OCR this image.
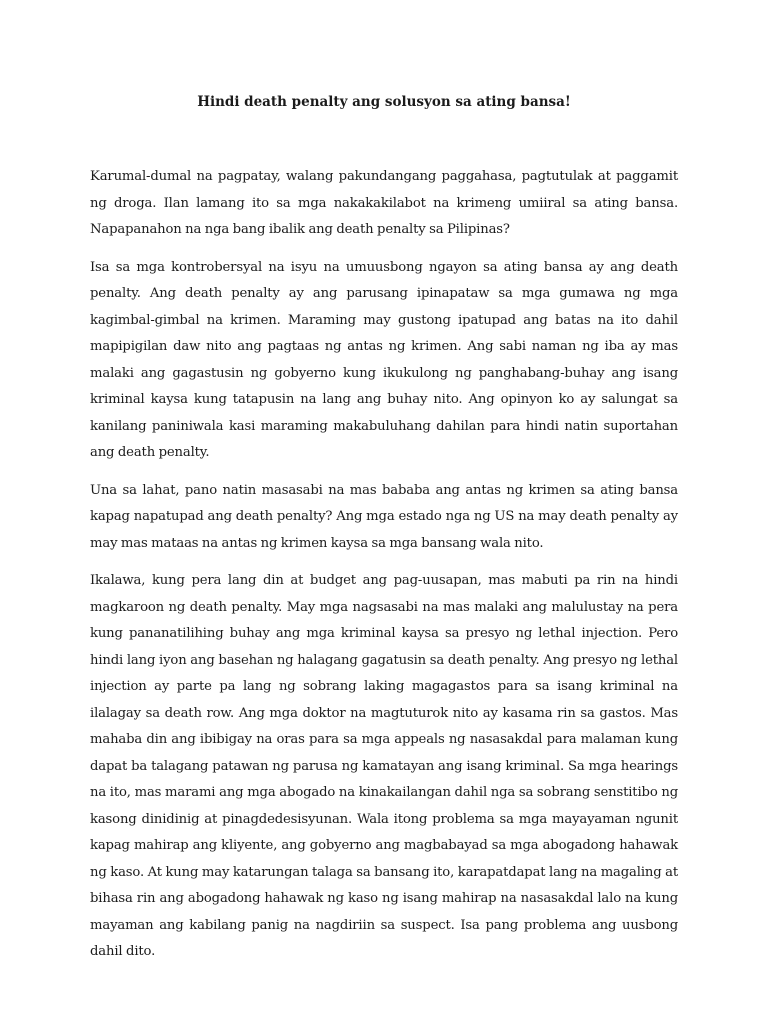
Hindi death penalty ang solusyon sa ating bansa!

Karumal-dumal na pagpatay, walang pakundangang paggahasa, pagtutulak at paggamit ng droga. Ilan lamang ito sa mga nakakakilabot na krimeng umiiral sa ating bansa. Napapanahon na nga bang ibalik ang death penalty sa Pilipinas?

Isa sa mga kontrobersyal na isyu na umuusbong ngayon sa ating bansa ay ang death penalty. Ang death penalty ay ang parusang ipinapataw sa mga gumawa ng mga kagimbal-gimbal na krimen. Maraming may gustong ipatupad ang batas na ito dahil mapipigilan daw nito ang pagtaas ng antas ng krimen. Ang sabi naman ng iba ay mas malaki ang gagastusin ng gobyerno kung ikukulong ng panghabang-buhay ang isang kriminal kaysa kung tatapusin na lang ang buhay nito. Ang opinyon ko ay salungat sa kanilang paniniwala kasi maraming makabuluhang dahilan para hindi natin suportahan ang death penalty.

Una sa lahat, pano natin masasabi na mas bababa ang antas ng krimen sa ating bansa kapag napatupad ang death penalty? Ang mga estado nga ng US na may death penalty ay may mas mataas na antas ng krimen kaysa sa mga bansang wala nito.

Ikalawa, kung pera lang din at budget ang pag-uusapan, mas mabuti pa rin na hindi magkaroon ng death penalty. May mga nagsasabi na mas malaki ang malulustay na pera kung pananatilihing buhay ang mga kriminal kaysa sa presyo ng lethal injection. Pero hindi lang iyon ang basehan ng halagang gagatusin sa death penalty. Ang presyo ng lethal injection ay parte pa lang ng sobrang laking magagastos para sa isang kriminal na ilalagay sa death row. Ang mga doktor na magtuturok nito ay kasama rin sa gastos. Mas mahaba din ang ibibigay na oras para sa mga appeals ng nasasakdal para malaman kung dapat ba talagang patawan ng parusa ng kamatayan ang isang kriminal. Sa mga hearings na ito, mas marami ang mga abogado na kinakailangan dahil nga sa sobrang senstitibo ng kasong dinidinig at pinagdedesisyunan. Wala itong problema sa mga mayayaman ngunit kapag mahirap ang kliyente, ang gobyerno ang magbabayad sa mga abogadong hahawak ng kaso. At kung may katarungan talaga sa bansang ito, karapatdapat lang na magaling at bihasa rin ang abogadong hahawak ng kaso ng isang mahirap na nasasakdal lalo na kung mayaman ang kabilang panig na nagdiriin sa suspect. Isa pang problema ang uusbong dahil dito.
